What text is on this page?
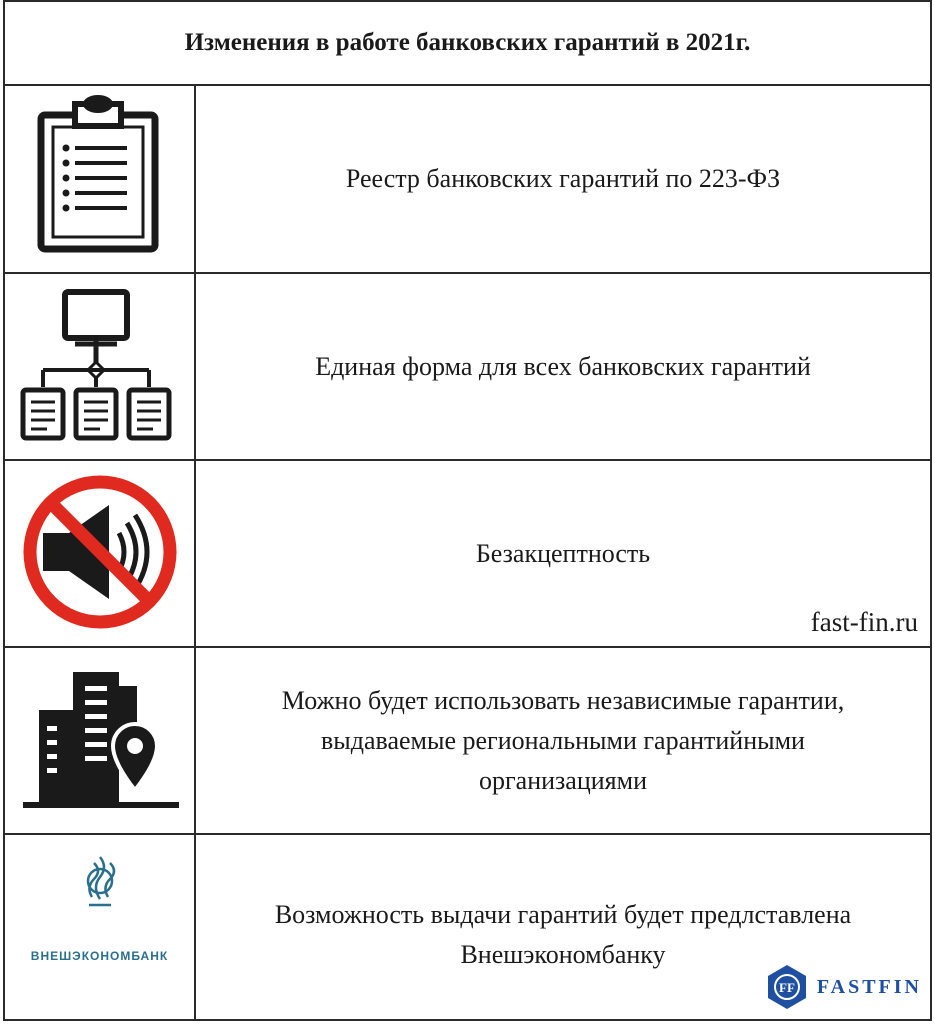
Изменения в работе банковских гарантий в 2021г.
Реестр банковских гарантий по 223-ФЗ
Единая форма для всех банковских гарантий
Безакцептность
fast-fin.ru
Можно будет использовать независимые гарантии,
выдаваемые региональными гарантийными
организациями
ВНЕШЭКОНОМБАНК
Возможность выдачи гарантий будет предлставлена
Внешэкономбанку
FF FASTFIN
